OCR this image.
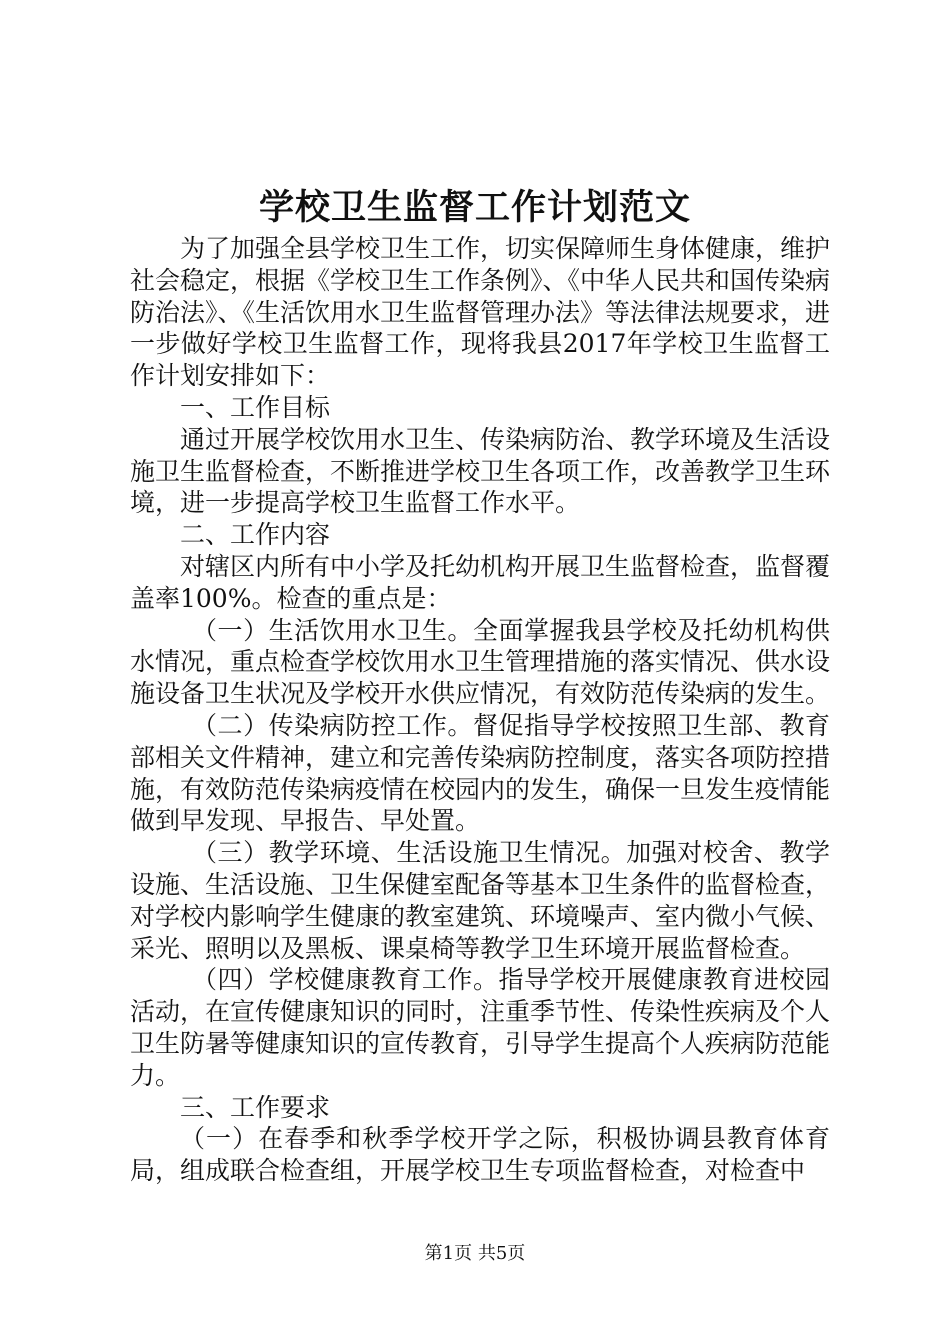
学校卫生监督工作计划范文

为了加强全县学校卫生工作，切实保障师生身体健康，维护社会稳定，根据《学校卫生工作条例》、《中华人民共和国传染病防治法》、《生活饮用水卫生监督管理办法》等法律法规要求，进一步做好学校卫生监督工作，现将我县2017年学校卫生监督工作计划安排如下：

一、工作目标

通过开展学校饮用水卫生、传染病防治、教学环境及生活设施卫生监督检查，不断推进学校卫生各项工作，改善教学卫生环境，进一步提高学校卫生监督工作水平。

二、工作内容

对辖区内所有中小学及托幼机构开展卫生监督检查，监督覆盖率100%。检查的重点是：

（一）生活饮用水卫生。全面掌握我县学校及托幼机构供水情况，重点检查学校饮用水卫生管理措施的落实情况、供水设施设备卫生状况及学校开水供应情况，有效防范传染病的发生。

（二）传染病防控工作。督促指导学校按照卫生部、教育部相关文件精神，建立和完善传染病防控制度，落实各项防控措施，有效防范传染病疫情在校园内的发生，确保一旦发生疫情能做到早发现、早报告、早处置。

（三）教学环境、生活设施卫生情况。加强对校舍、教学设施、生活设施、卫生保健室配备等基本卫生条件的监督检查，对学校内影响学生健康的教室建筑、环境噪声、室内微小气候、采光、照明以及黑板、课桌椅等教学卫生环境开展监督检查。

（四）学校健康教育工作。指导学校开展健康教育进校园活动，在宣传健康知识的同时，注重季节性、传染性疾病及个人卫生防暑等健康知识的宣传教育，引导学生提高个人疾病防范能力。

三、工作要求

（一）在春季和秋季学校开学之际，积极协调县教育体育局，组成联合检查组，开展学校卫生专项监督检查，对检查中

第1页 共5页
